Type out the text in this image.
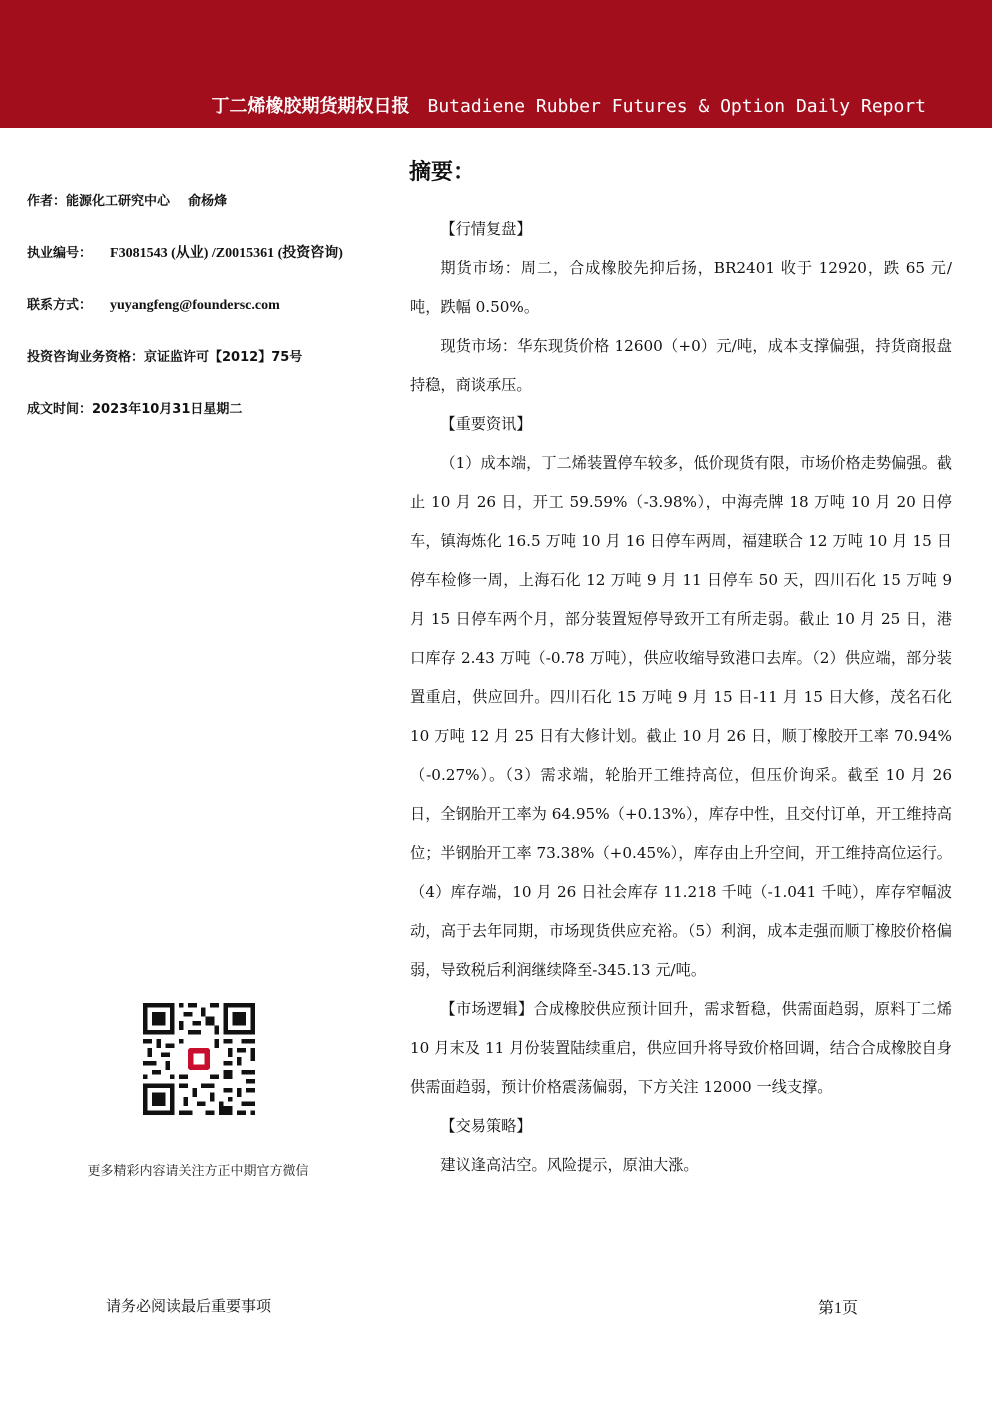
丁二烯橡胶期货期权日报 Butadiene Rubber Futures & Option Daily Report
作者：能源化工研究中心    俞杨烽
执业编号： F3081543 (从业) /Z0015361 (投资咨询)
联系方式： yuyangfeng@foundersc.com
投资咨询业务资格：京证监许可【2012】75号
成文时间：2023年10月31日星期二
更多精彩内容请关注方正中期官方微信
摘要：

【行情复盘】

期货市场：周二，合成橡胶先抑后扬，BR2401 收于 12920，跌 65 元/吨，跌幅 0.50%。

现货市场：华东现货价格 12600（+0）元/吨，成本支撑偏强，持货商报盘持稳，商谈承压。

【重要资讯】

（1）成本端，丁二烯装置停车较多，低价现货有限，市场价格走势偏强。截止 10 月 26 日，开工 59.59%（-3.98%），中海壳牌 18 万吨 10 月 20 日停车，镇海炼化 16.5 万吨 10 月 16 日停车两周，福建联合 12 万吨 10 月 15 日停车检修一周，上海石化 12 万吨 9 月 11 日停车 50 天，四川石化 15 万吨 9 月 15 日停车两个月，部分装置短停导致开工有所走弱。截止 10 月 25 日，港口库存 2.43 万吨（-0.78 万吨），供应收缩导致港口去库。（2）供应端，部分装置重启，供应回升。四川石化 15 万吨 9 月 15 日-11 月 15 日大修，茂名石化 10 万吨 12 月 25 日有大修计划。截止 10 月 26 日，顺丁橡胶开工率 70.94%（-0.27%）。（3）需求端，轮胎开工维持高位，但压价询采。截至 10 月 26 日，全钢胎开工率为 64.95%（+0.13%），库存中性，且交付订单，开工维持高位；半钢胎开工率 73.38%（+0.45%），库存由上升空间，开工维持高位运行。（4）库存端，10 月 26 日社会库存 11.218 千吨（-1.041 千吨），库存窄幅波动，高于去年同期，市场现货供应充裕。（5）利润，成本走强而顺丁橡胶价格偏弱，导致税后利润继续降至-345.13 元/吨。

【市场逻辑】合成橡胶供应预计回升，需求暂稳，供需面趋弱，原料丁二烯 10 月末及 11 月份装置陆续重启，供应回升将导致价格回调，结合合成橡胶自身供需面趋弱，预计价格震荡偏弱，下方关注 12000 一线支撑。

【交易策略】

建议逢高沽空。风险提示，原油大涨。

请务必阅读最后重要事项	第1页
